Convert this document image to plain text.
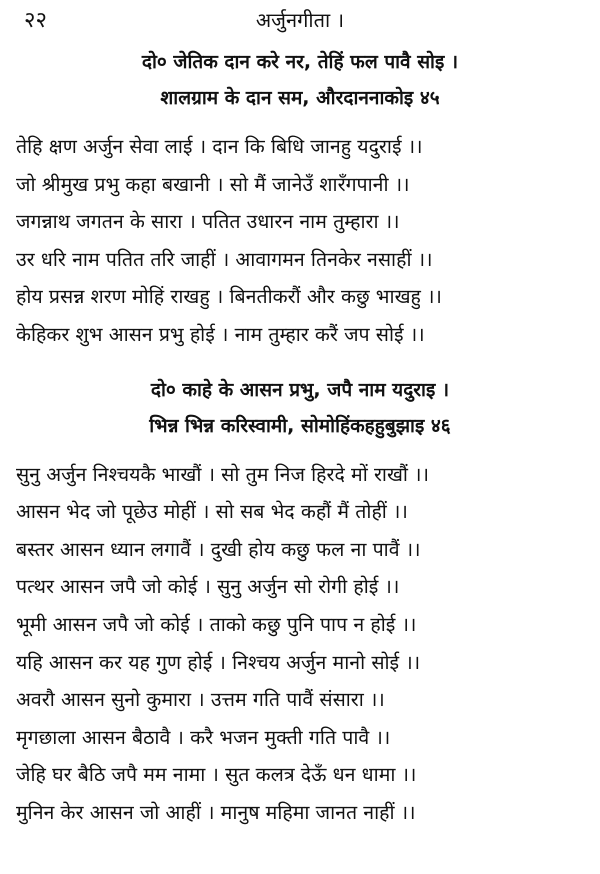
२२	अर्जुनगीता ।
दो० जेतिक दान करे नर, तेहिं फल पावै सोइ ।
शालग्राम के दान सम, औरदाननाकोइ ४५
तेहि क्षण अर्जुन सेवा लाई । दान कि बिधि जानहु यदुराई ।।
जो श्रीमुख प्रभु कहा बखानी । सो मैं जानेउँ शारँगपानी ।।
जगन्नाथ जगतन के सारा । पतित उधारन नाम तुम्हारा ।।
उर धरि नाम पतित तरि जाहीं । आवागमन तिनकेर नसाहीं ।।
होय प्रसन्न शरण मोहिं राखहु । बिनतीकरौं और कछु भाखहु ।।
केहिकर शुभ आसन प्रभु होई । नाम तुम्हार करैं जप सोई ।।
दो० काहे के आसन प्रभु, जपै नाम यदुराइ ।
भिन्न भिन्न करिस्वामी, सोमोहिंकहहुबुझाइ ४६
सुनु अर्जुन निश्चयकै भाखौं । सो तुम निज हिरदे मों राखौं ।।
आसन भेद जो पूछेउ मोहीं । सो सब भेद कहौं मैं तोहीं ।।
बस्तर आसन ध्यान लगावैं । दुखी होय कछु फल ना पावैं ।।
पत्थर आसन जपै जो कोई । सुनु अर्जुन सो रोगी होई ।।
भूमी आसन जपै जो कोई । ताको कछु पुनि पाप न होई ।।
यहि आसन कर यह गुण होई । निश्चय अर्जुन मानो सोई ।।
अवरौ आसन सुनो कुमारा । उत्तम गति पावैं संसारा ।।
मृगछाला आसन बैठावै । करै भजन मुक्ती गति पावै ।।
जेहि घर बैठि जपै मम नामा । सुत कलत्र देऊँ धन धामा ।।
मुनिन केर आसन जो आहीं । मानुष महिमा जानत नाहीं ।।
